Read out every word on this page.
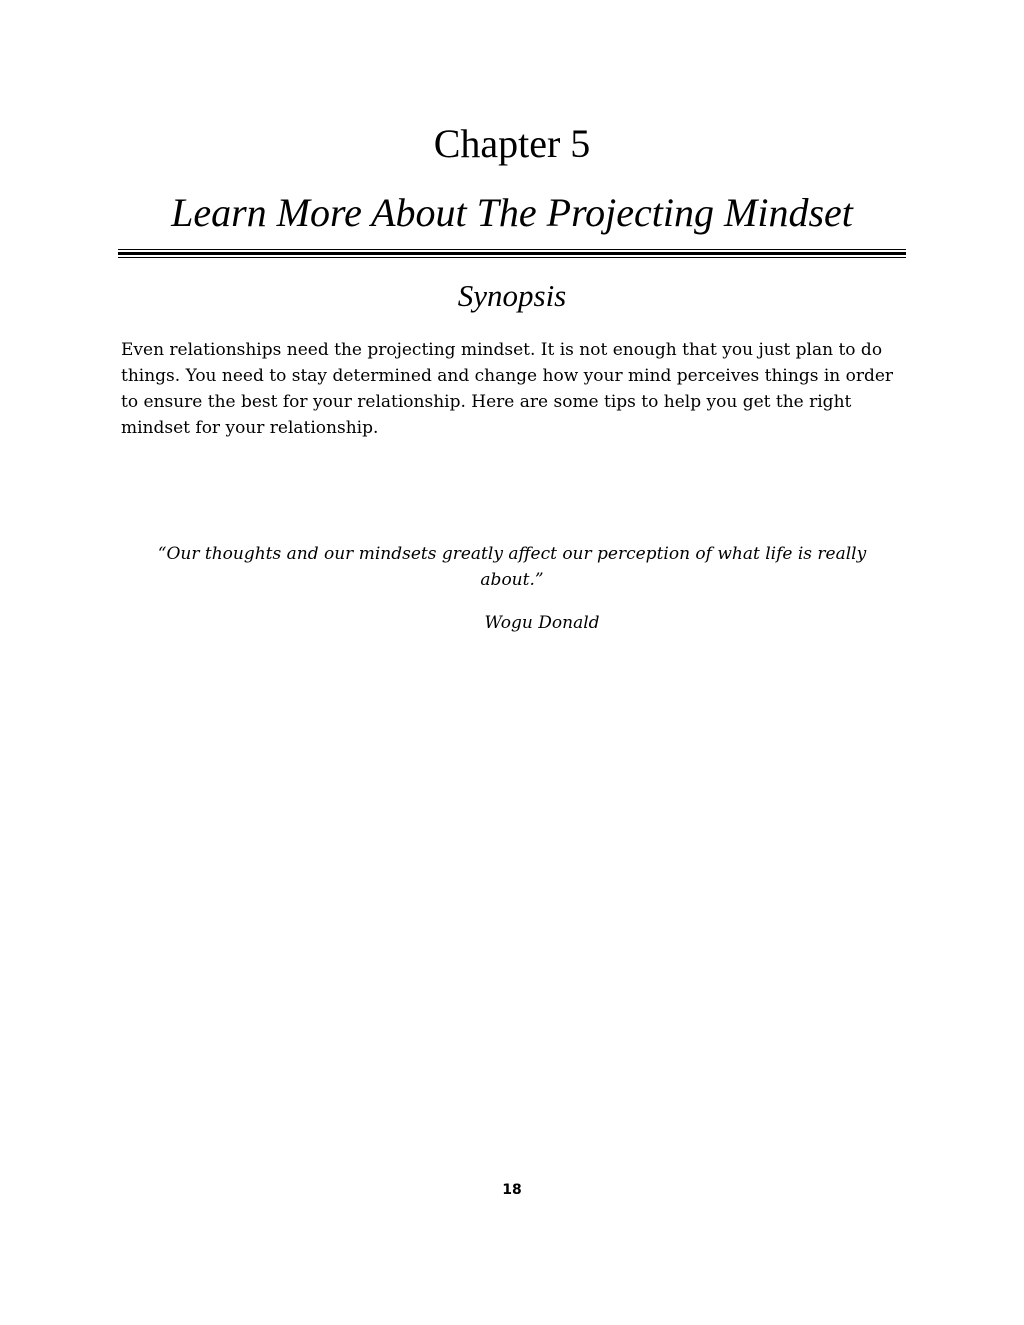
Chapter 5
Learn More About The Projecting Mindset
Synopsis

Even relationships need the projecting mindset. It is not enough that you just plan to do things. You need to stay determined and change how your mind perceives things in order to ensure the best for your relationship. Here are some tips to help you get the right mindset for your relationship.

“Our thoughts and our mindsets greatly affect our perception of what life is really about.”

Wogu Donald
18
